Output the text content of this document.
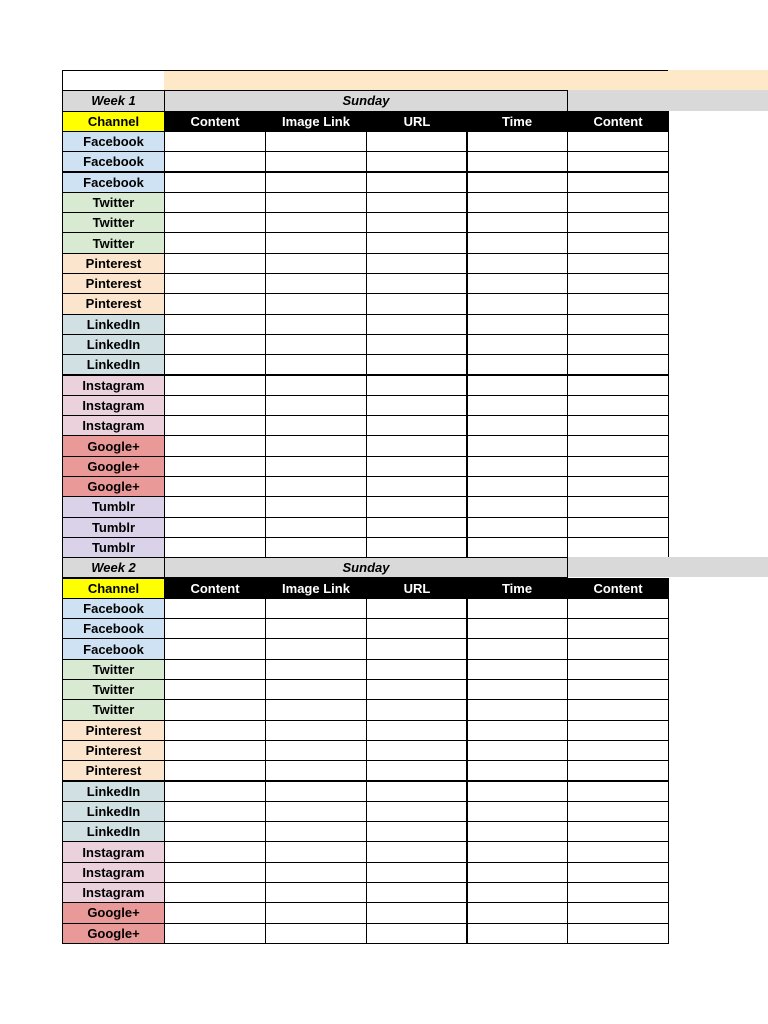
Week 1	Sunday
Channel	Content	Image Link	URL	Time	Content
Facebook
Facebook
Facebook
Twitter
Twitter
Twitter
Pinterest
Pinterest
Pinterest
LinkedIn
LinkedIn
LinkedIn
Instagram
Instagram
Instagram
Google+
Google+
Google+
Tumblr
Tumblr
Tumblr
Week 2	Sunday
Channel	Content	Image Link	URL	Time	Content
Facebook
Facebook
Facebook
Twitter
Twitter
Twitter
Pinterest
Pinterest
Pinterest
LinkedIn
LinkedIn
LinkedIn
Instagram
Instagram
Instagram
Google+
Google+
